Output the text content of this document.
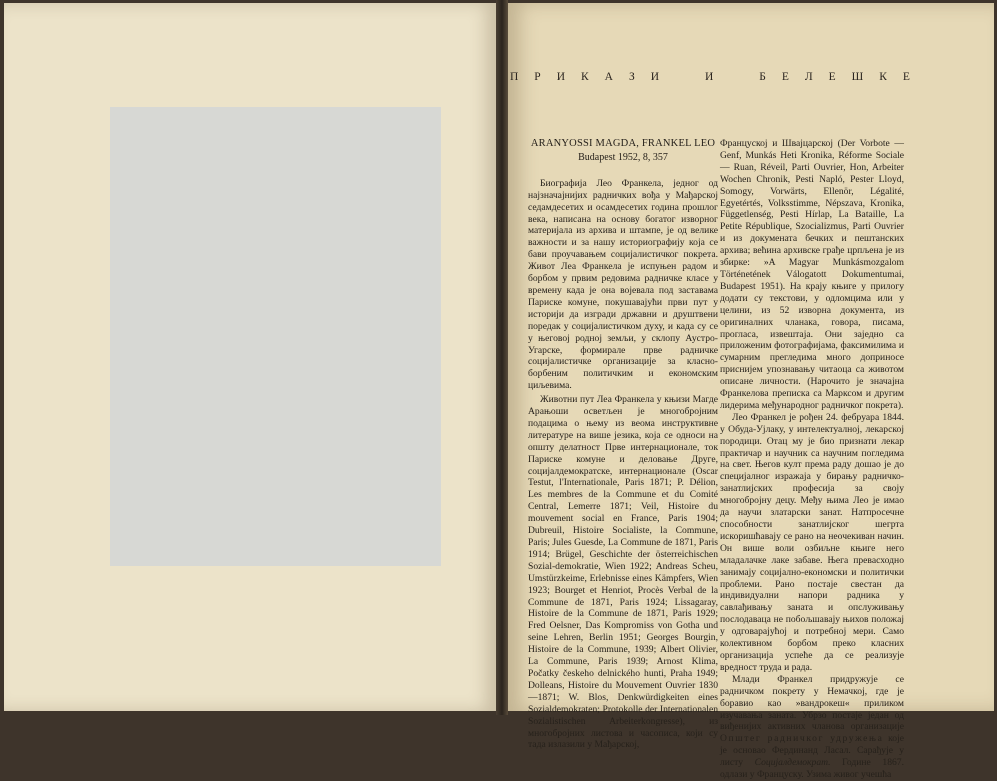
П Р И К А З И	И	Б Е Л Е Ш К Е

ARANYOSSI MAGDA, FRANKEL LEO

Budapest 1952, 8, 357

Биографија Лео Франкела, једног од најзначајнијих радничких вођа у Мађарској седамдесетих и осамдесетих година прошлог века, написана на основу богатог изворног материјала из архива и штампе, је од велике важности и за нашу историографију која се бави проучавањем социјалистичког покрета. Живот Леа Франкела је испуњен радом и борбом у првим редовима радничке класе у времену када је она војевала под заставама Париске комуне, покушавајући први пут у историји да изгради државни и друштвени поредак у социјалистичком духу, и када су се у његовој родној земљи, у склопу Аустро-Угарске, формирале прве радничке социјалистичке организације за класно-борбеним политичким и економским циљевима.

Животни пут Леа Франкела у књизи Магде Арањоши осветљен је многобројним подацима о њему из веома инструктивне литературе на више језика, која се односи на општу делатност Прве интернационале, ток Париске комуне и деловање Друге, социјалдемократске, интернационале (Oscar Testut, l'Internationale, Paris 1871; P. Délion, Les membres de la Commune et du Comité Central, Lemerre 1871; Veil, Histoire du mouvement social en France, Paris 1904; Dubreuil, Histoire Socialiste, la Commune, Paris; Jules Guesde, La Commune de 1871, Paris 1914; Brügel, Geschichte der österreichischen Sozial-demokratie, Wien 1922; Andreas Scheu, Umstürzkeime, Erlebnisse eines Kämpfers, Wien 1923; Bourget et Henriot, Procès Verbal de la Commune de 1871, Paris 1924; Lissagaray, Histoire de la Commune de 1871, Paris 1929; Fred Oelsner, Das Kompromiss von Gotha und seine Lehren, Berlin 1951; Georges Bourgin, Histoire de la Commune, 1939; Albert Olivier, La Commune, Paris 1939; Arnost Klima, Počatky českeho delnického hunti, Praha 1949; Dolleans, Histoire du Mouvement Ouvrier 1830—1871; W. Blos, Denkwürdigkeiten eines Sozialdemokraten; Protokolle der Internationalen Sozialistischen Arbeiterkongresse), из многобројних листова и часописа, који су тада излазили у Мађарској,

Француској и Швајцарској (Der Vorbote — Genf, Munkás Heti Kronika, Réforme Sociale — Ruan, Réveil, Parti Ouvrier, Hon, Arbeiter Wochen Chronik, Pesti Napló, Pester Lloyd, Somogy, Vorwärts, Ellenör, Légalité, Egyetértés, Volksstimme, Népszava, Kronika, Függetlenség, Pesti Hírlap, La Bataille, La Petite République, Szocializmus, Parti Ouvrier и из докумената бечких и пештанских архива; већина архивске грађе црпљена је из збирке: »A Magyar Munkásmozgalom Történetének Válogatott Dokumentumai, Budapest 1951). На крају књиге у прилогу додати су текстови, у одломцима или у целини, из 52 изворна документа, из оригиналних чланака, говора, писама, прогласа, извештаја. Они заједно са приложеним фотографијама, факсимилима и сумарним прегледима много доприносе приснијем упознавању читаоца са животом описане личности. (Нарочито је значајна Франкелова преписка са Марксом и другим лидерима међународног радничког покрета).

Лео Франкел је рођен 24. фебруара 1844. у Обуда-Уjлаку, у интелектуалној, лекарској породици. Отац му је био признати лекар практичар и научник са научним погледима на свет. Његов култ према раду дошао је до специјалног изражаја у бирању радничко-занатлијских професија за своју многобројну децу. Међу њима Лео је имао да научи златарски занат. Натпросечне способности занатлијског шегрта искоришћавају се рано на неочекиван начин. Он више воли озбиљне књиге него младалачке лаке забаве. Њега превасходно занимају социјално-економски и политички проблеми. Рано постаје свестан да индивидуални напори радника у савлађивању заната и опслуживању послодаваца не побољшавају њихов положај у одговарајућој и потребној мери. Само колективном борбом преко класних организација успеће да се реализује вредност труда и рада.

Млади Франкел придружује се радничком покрету у Немачкој, где је боравио као »вандрокеш« приликом изучавања заната. Убрзо постаје један од виђенијих активних чланова организације Општег радничког удружења које је основао Фердинанд Ласал. Сарађује у листу Социјалдемократ. Године 1867. одлази у Француску. Узима живог учешћа
